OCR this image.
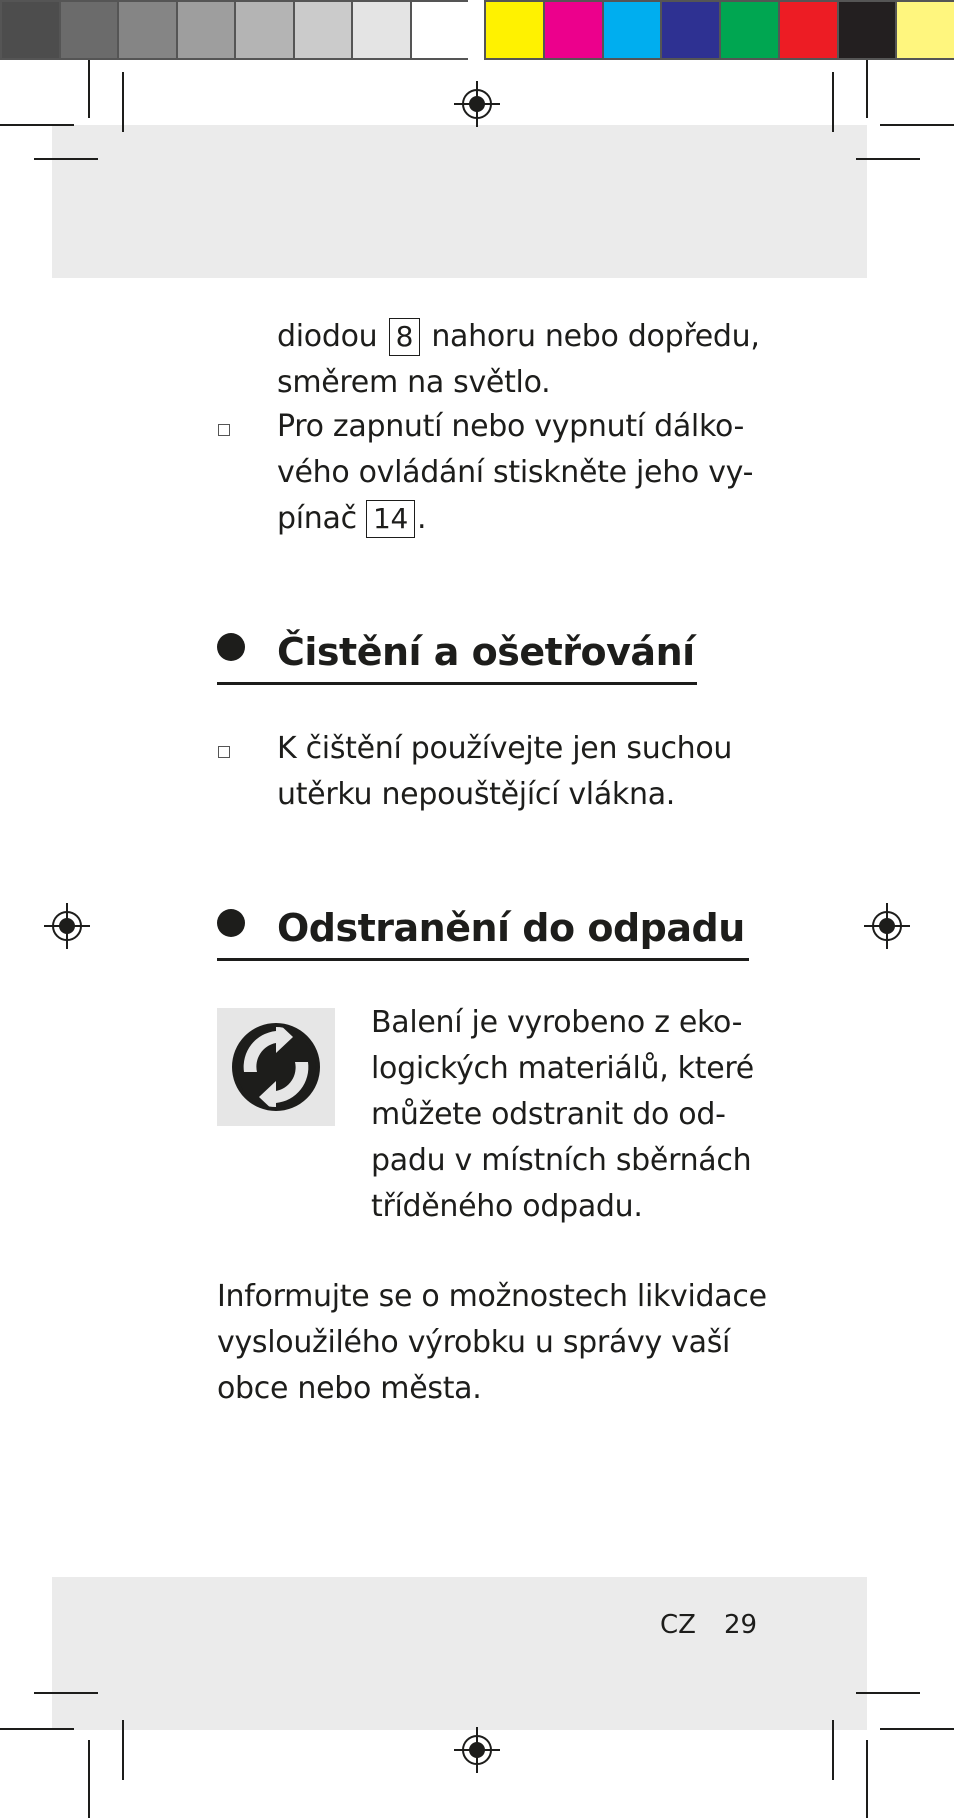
diodou 8 nahoru nebo dopředu,
směrem na světlo.
Pro zapnutí nebo vypnutí dálko-
vého ovládání stiskněte jeho vy-
pínač 14 .
Čistění a ošetřování
K čištění používejte jen suchou
utěrku nepouštějící vlákna.
Odstranění do odpadu
Balení je vyrobeno z eko-
logických materiálů, které
můžete odstranit do od-
padu v místních sběrnách
tříděného odpadu.
Informujte se o možnostech likvidace
vysloužilého výrobku u správy vaší
obce nebo města.
CZ 29
